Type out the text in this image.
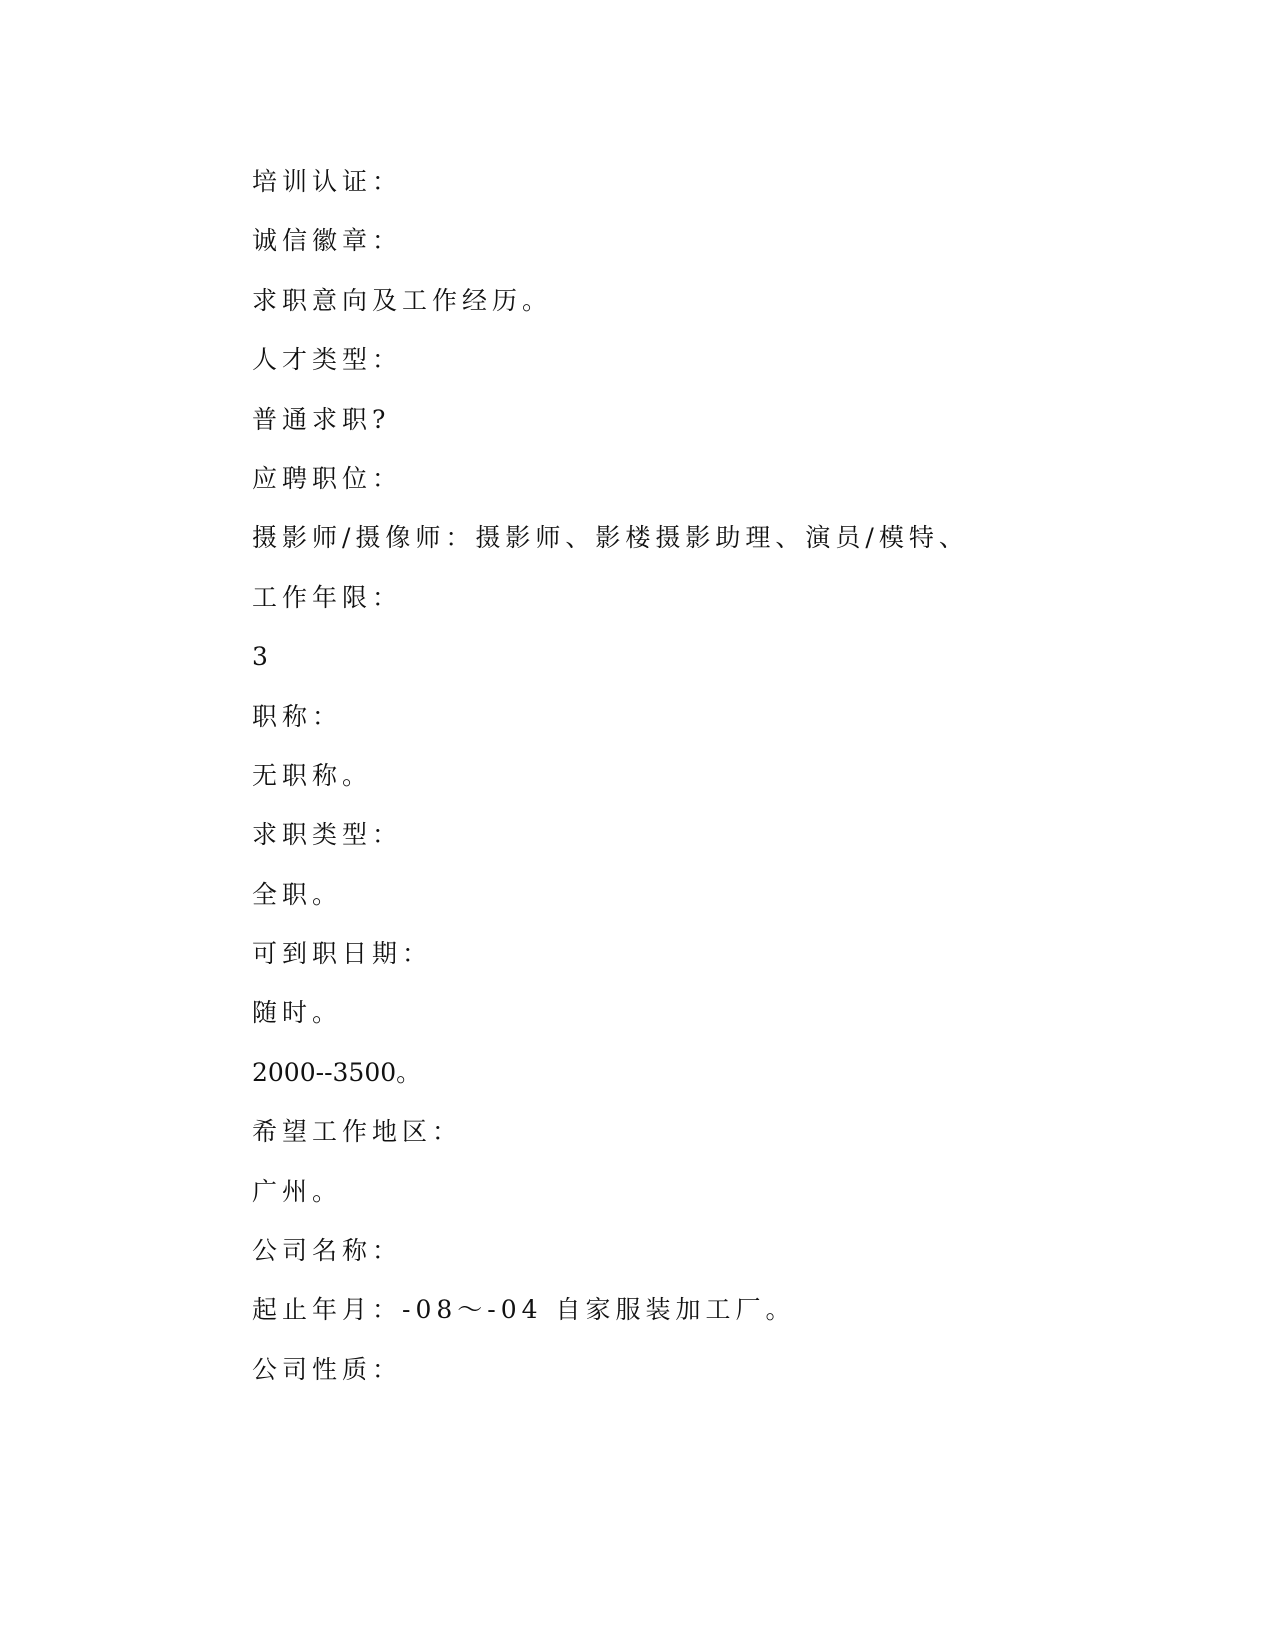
培训认证：
诚信徽章：
求职意向及工作经历。
人才类型：
普通求职?
应聘职位：
摄影师/摄像师：摄影师、影楼摄影助理、演员/模特、
工作年限：
3
职称：
无职称。
求职类型：
全职。
可到职日期：
随时。
2000--3500。
希望工作地区：
广州。
公司名称：
起止年月：-08～-04 自家服装加工厂。
公司性质：
